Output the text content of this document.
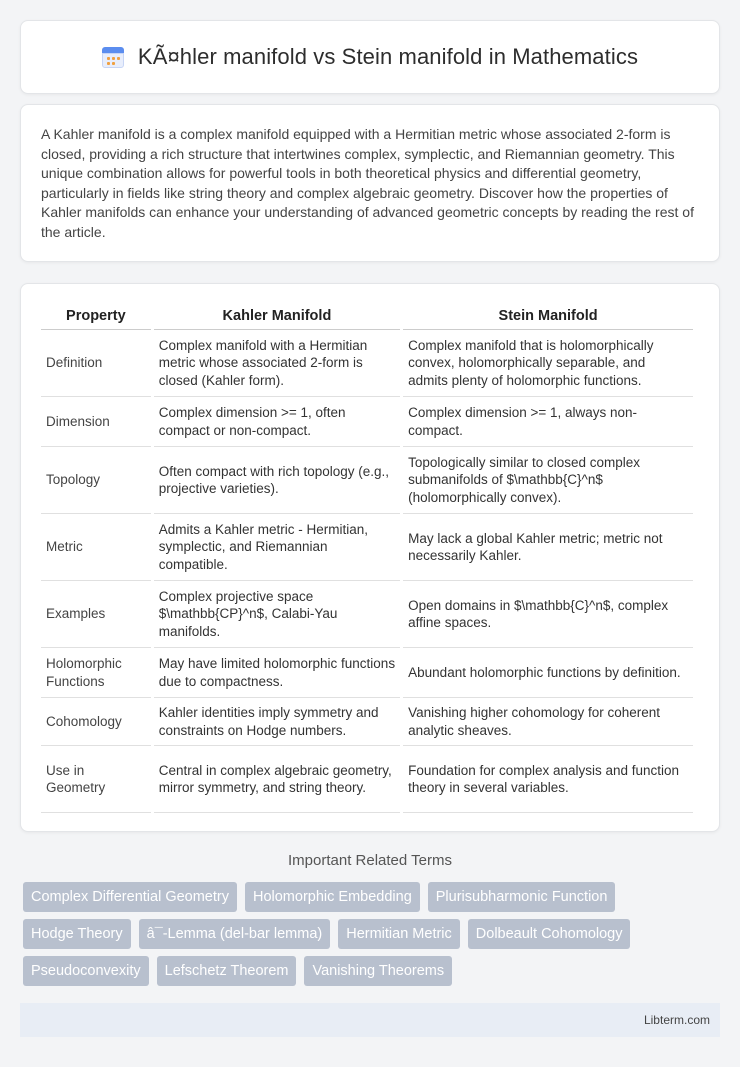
KÃ¤hler manifold vs Stein manifold in Mathematics

A Kahler manifold is a complex manifold equipped with a Hermitian metric whose associated 2-form is closed, providing a rich structure that intertwines complex, symplectic, and Riemannian geometry. This unique combination allows for powerful tools in both theoretical physics and differential geometry, particularly in fields like string theory and complex algebraic geometry. Discover how the properties of Kahler manifolds can enhance your understanding of advanced geometric concepts by reading the rest of the article.

Property	Kahler Manifold	Stein Manifold
Definition	Complex manifold with a Hermitian metric whose associated 2-form is closed (Kahler form).	Complex manifold that is holomorphically convex, holomorphically separable, and admits plenty of holomorphic functions.
Dimension	Complex dimension >= 1, often compact or non-compact.	Complex dimension >= 1, always non-compact.
Topology	Often compact with rich topology (e.g., projective varieties).	Topologically similar to closed complex submanifolds of $\mathbb{C}^n$ (holomorphically convex).
Metric	Admits a Kahler metric - Hermitian, symplectic, and Riemannian compatible.	May lack a global Kahler metric; metric not necessarily Kahler.
Examples	Complex projective space $\mathbb{CP}^n$, Calabi-Yau manifolds.	Open domains in $\mathbb{C}^n$, complex affine spaces.
Holomorphic Functions	May have limited holomorphic functions due to compactness.	Abundant holomorphic functions by definition.
Cohomology	Kahler identities imply symmetry and constraints on Hodge numbers.	Vanishing higher cohomology for coherent analytic sheaves.
Use in Geometry	Central in complex algebraic geometry, mirror symmetry, and string theory.	Foundation for complex analysis and function theory in several variables.
Important Related Terms
Complex Differential Geometry	Holomorphic Embedding	Plurisubharmonic Function
Hodge Theory	â¯-Lemma (del-bar lemma)	Hermitian Metric	Dolbeault Cohomology
Pseudoconvexity	Lefschetz Theorem	Vanishing Theorems
Libterm.com
